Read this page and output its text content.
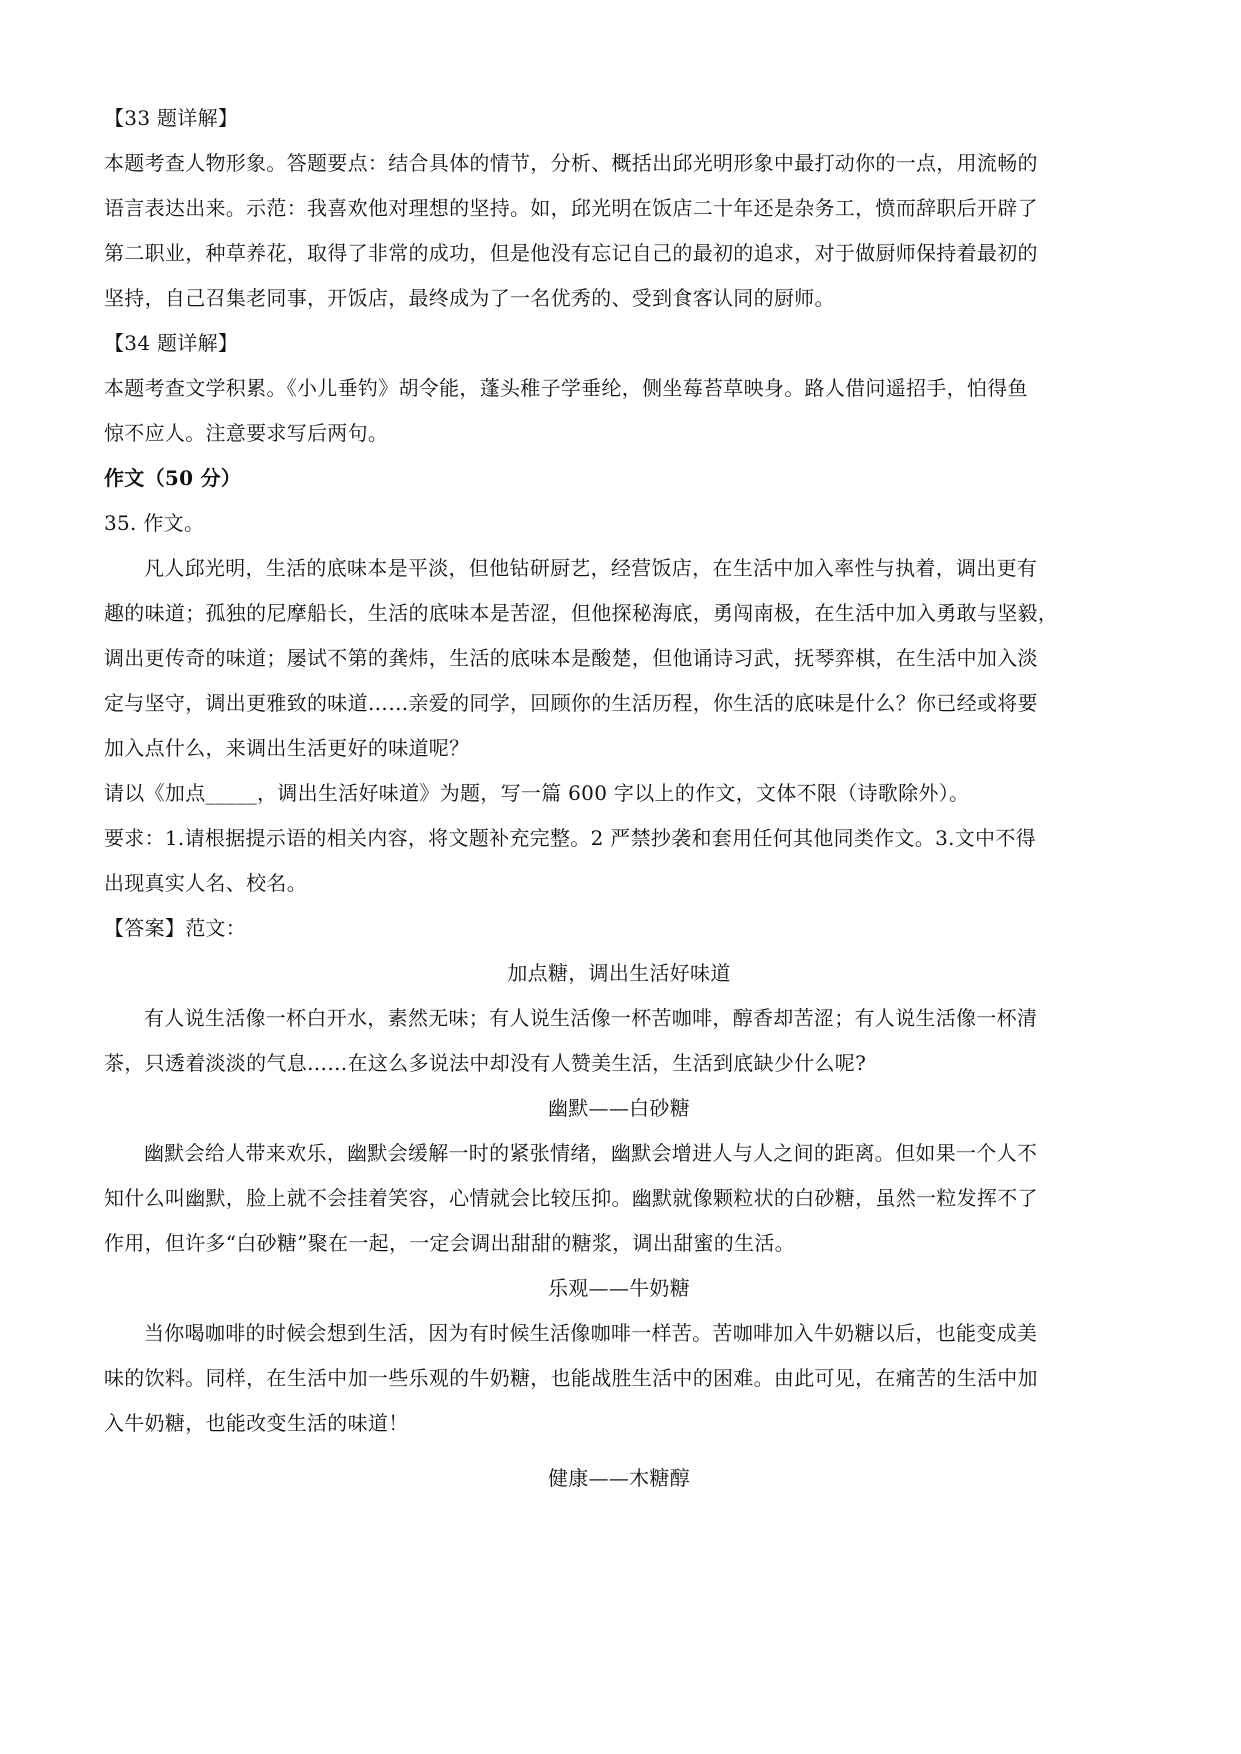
【33 题详解】
本题考查人物形象。答题要点：结合具体的情节，分析、概括出邱光明形象中最打动你的一点，用流畅的
语言表达出来。示范：我喜欢他对理想的坚持。如，邱光明在饭店二十年还是杂务工，愤而辞职后开辟了
第二职业，种草养花，取得了非常的成功，但是他没有忘记自己的最初的追求，对于做厨师保持着最初的
坚持，自己召集老同事，开饭店，最终成为了一名优秀的、受到食客认同的厨师。
【34 题详解】
本题考查文学积累。《小儿垂钓》胡令能，蓬头稚子学垂纶，侧坐莓苔草映身。路人借问遥招手，怕得鱼
惊不应人。注意要求写后两句。
作文（50 分）
35. 作文。
凡人邱光明，生活的底味本是平淡，但他钻研厨艺，经营饭店，在生活中加入率性与执着，调出更有
趣的味道；孤独的尼摩船长，生活的底味本是苦涩，但他探秘海底，勇闯南极，在生活中加入勇敢与坚毅，
调出更传奇的味道；屡试不第的龚炜，生活的底味本是酸楚，但他诵诗习武，抚琴弈棋，在生活中加入淡
定与坚守，调出更雅致的味道……亲爱的同学，回顾你的生活历程，你生活的底味是什么？你已经或将要
加入点什么，来调出生活更好的味道呢？
请以《加点_____，调出生活好味道》为题，写一篇 600 字以上的作文，文体不限（诗歌除外）。
要求：1.请根据提示语的相关内容，将文题补充完整。2 严禁抄袭和套用任何其他同类作文。3.文中不得
出现真实人名、校名。
【答案】范文：
加点糖，调出生活好味道
有人说生活像一杯白开水，素然无味；有人说生活像一杯苦咖啡，醇香却苦涩；有人说生活像一杯清
茶，只透着淡淡的气息……在这么多说法中却没有人赞美生活，生活到底缺少什么呢?
幽默——白砂糖
幽默会给人带来欢乐，幽默会缓解一时的紧张情绪，幽默会增进人与人之间的距离。但如果一个人不
知什么叫幽默，脸上就不会挂着笑容，心情就会比较压抑。幽默就像颗粒状的白砂糖，虽然一粒发挥不了
作用，但许多“白砂糖”聚在一起，一定会调出甜甜的糖浆，调出甜蜜的生活。
乐观——牛奶糖
当你喝咖啡的时候会想到生活，因为有时候生活像咖啡一样苦。苦咖啡加入牛奶糖以后，也能变成美
味的饮料。同样，在生活中加一些乐观的牛奶糖，也能战胜生活中的困难。由此可见，在痛苦的生活中加
入牛奶糖，也能改变生活的味道！
健康——木糖醇
